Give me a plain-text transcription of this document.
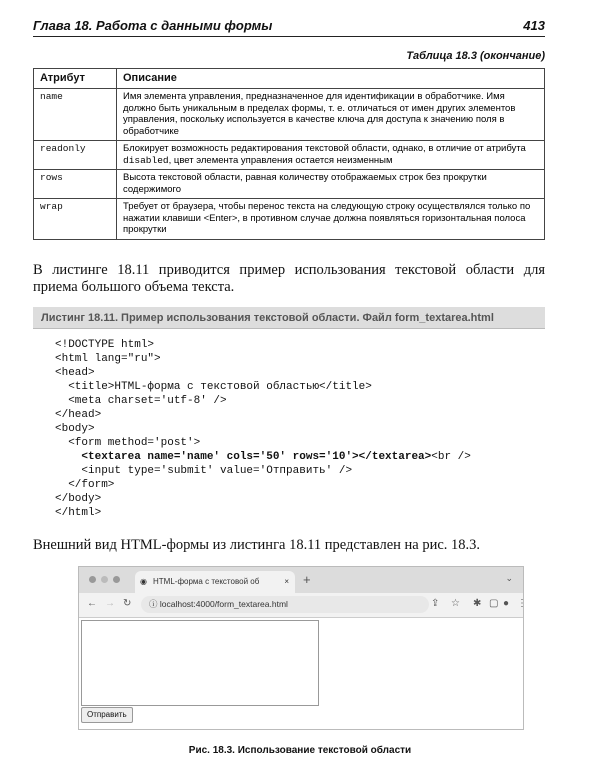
Глава 18. Работа с данными формы	413
Таблица 18.3 (окончание)
Атрибут	Описание
name	Имя элемента управления, предназначенное для идентификации в обработчике. Имя должно быть уникальным в пределах формы, т. е. отличаться от имен других элементов управления, поскольку используется в качестве ключа для доступа к значению поля в обработчике
readonly	Блокирует возможность редактирования текстовой области, однако, в отличие от атрибута disabled, цвет элемента управления остается неизменным
rows	Высота текстовой области, равная количеству отображаемых строк без прокрутки содержимого
wrap	Требует от браузера, чтобы перенос текста на следующую строку осуществлялся только по нажатии клавиши <Enter>, в противном случае должна появляться горизонтальная полоса прокрутки
В листинге 18.11 приводится пример использования текстовой области для приема большого объема текста.
Листинг 18.11. Пример использования текстовой области. Файл form_textarea.html
<!DOCTYPE html>
<html lang="ru">
<head>
<title>HTML-форма с текстовой областью</title>
<meta charset='utf-8' />
</head>
<body>
<form method='post'>
<textarea name='name' cols='50' rows='10'></textarea><br />
<input type='submit' value='Отправить' />
</form>
</body>
</html>
Внешний вид HTML-формы из листинга 18.11 представлен на рис. 18.3.
◉ HTML-форма с текстовой об	× +	⌄
← → ↻	ⓘ localhost:4000/form_textarea.html	⇪ ☆ ✱ ▢ ● ⋮
Отправить
Рис. 18.3. Использование текстовой области
